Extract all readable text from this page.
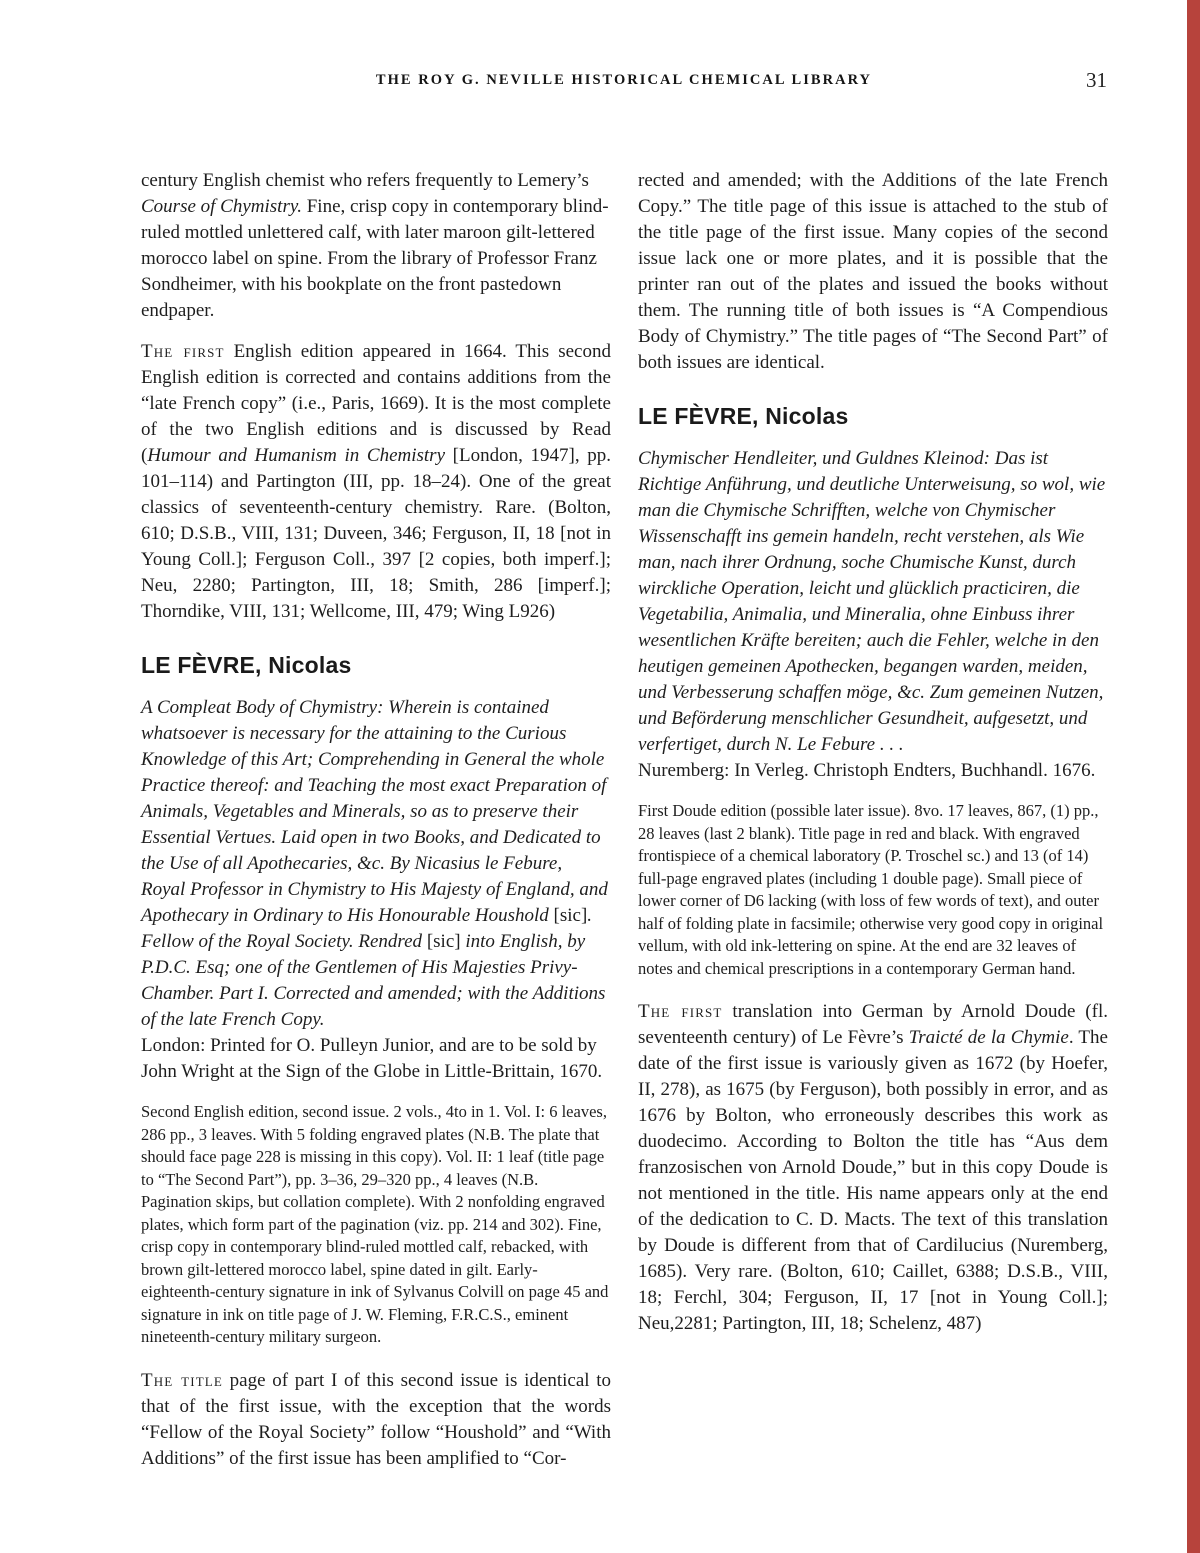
THE ROY G. NEVILLE HISTORICAL CHEMICAL LIBRARY	31

century English chemist who refers frequently to Lemery’s Course of Chymistry. Fine, crisp copy in contemporary blind-ruled mottled unlettered calf, with later maroon gilt-lettered morocco label on spine. From the library of Professor Franz Sondheimer, with his bookplate on the front pastedown endpaper.

The first English edition appeared in 1664. This second English edition is corrected and contains additions from the “late French copy” (i.e., Paris, 1669). It is the most complete of the two English editions and is discussed by Read (Humour and Humanism in Chemistry [London, 1947], pp. 101–114) and Partington (III, pp. 18–24). One of the great classics of seventeenth-century chemistry. Rare. (Bolton, 610; D.S.B., VIII, 131; Duveen, 346; Ferguson, II, 18 [not in Young Coll.]; Ferguson Coll., 397 [2 copies, both imperf.]; Neu, 2280; Partington, III, 18; Smith, 286 [imperf.]; Thorndike, VIII, 131; Wellcome, III, 479; Wing L926)

LE FÈVRE, Nicolas

A Compleat Body of Chymistry: Wherein is contained whatsoever is necessary for the attaining to the Curious Knowledge of this Art; Comprehending in General the whole Practice thereof: and Teaching the most exact Preparation of Animals, Vegetables and Minerals, so as to preserve their Essential Vertues. Laid open in two Books, and Dedicated to the Use of all Apothecaries, &c. By Nicasius le Febure, Royal Professor in Chymistry to His Majesty of England, and Apothecary in Ordinary to His Honourable Houshold [sic]. Fellow of the Royal Society. Rendred [sic] into English, by P.D.C. Esq; one of the Gentlemen of His Majesties Privy-Chamber. Part I. Corrected and amended; with the Additions of the late French Copy.

London: Printed for O. Pulleyn Junior, and are to be sold by John Wright at the Sign of the Globe in Little-Brittain, 1670.

Second English edition, second issue. 2 vols., 4to in 1. Vol. I: 6 leaves, 286 pp., 3 leaves. With 5 folding engraved plates (N.B. The plate that should face page 228 is missing in this copy). Vol. II: 1 leaf (title page to “The Second Part”), pp. 3–36, 29–320 pp., 4 leaves (N.B. Pagination skips, but collation complete). With 2 nonfolding engraved plates, which form part of the pagination (viz. pp. 214 and 302). Fine, crisp copy in contemporary blind-ruled mottled calf, rebacked, with brown gilt-lettered morocco label, spine dated in gilt. Early-eighteenth-century signature in ink of Sylvanus Colvill on page 45 and signature in ink on title page of J. W. Fleming, F.R.C.S., eminent nineteenth-century military surgeon.

The title page of part I of this second issue is identical to that of the first issue, with the exception that the words “Fellow of the Royal Society” follow “Houshold” and “With Additions” of the first issue has been amplified to “Cor-

rected and amended; with the Additions of the late French Copy.” The title page of this issue is attached to the stub of the title page of the first issue. Many copies of the second issue lack one or more plates, and it is possible that the printer ran out of the plates and issued the books without them. The running title of both issues is “A Compendious Body of Chymistry.” The title pages of “The Second Part” of both issues are identical.

LE FÈVRE, Nicolas

Chymischer Hendleiter, und Guldnes Kleinod: Das ist Richtige Anführung, und deutliche Unterweisung, so wol, wie man die Chymische Schrifften, welche von Chymischer Wissenschafft ins gemein handeln, recht verstehen, als Wie man, nach ihrer Ordnung, soche Chumische Kunst, durch wirckliche Operation, leicht und glücklich practiciren, die Vegetabilia, Animalia, und Mineralia, ohne Einbuss ihrer wesentlichen Kräfte bereiten; auch die Fehler, welche in den heutigen gemeinen Apothecken, begangen warden, meiden, und Verbesserung schaffen möge, &c. Zum gemeinen Nutzen, und Beförderung menschlicher Gesundheit, aufgesetzt, und verfertiget, durch N. Le Febure . . .

Nuremberg: In Verleg. Christoph Endters, Buchhandl. 1676.

First Doude edition (possible later issue). 8vo. 17 leaves, 867, (1) pp., 28 leaves (last 2 blank). Title page in red and black. With engraved frontispiece of a chemical laboratory (P. Troschel sc.) and 13 (of 14) full-page engraved plates (including 1 double page). Small piece of lower corner of D6 lacking (with loss of few words of text), and outer half of folding plate in facsimile; otherwise very good copy in original vellum, with old ink-lettering on spine. At the end are 32 leaves of notes and chemical prescriptions in a contemporary German hand.

The first translation into German by Arnold Doude (fl. seventeenth century) of Le Fèvre’s Traicté de la Chymie. The date of the first issue is variously given as 1672 (by Hoefer, II, 278), as 1675 (by Ferguson), both possibly in error, and as 1676 by Bolton, who erroneously describes this work as duodecimo. According to Bolton the title has “Aus dem franzosischen von Arnold Doude,” but in this copy Doude is not mentioned in the title. His name appears only at the end of the dedication to C. D. Macts. The text of this translation by Doude is different from that of Cardilucius (Nuremberg, 1685). Very rare. (Bolton, 610; Caillet, 6388; D.S.B., VIII, 18; Ferchl, 304; Ferguson, II, 17 [not in Young Coll.]; Neu,2281; Partington, III, 18; Schelenz, 487)
